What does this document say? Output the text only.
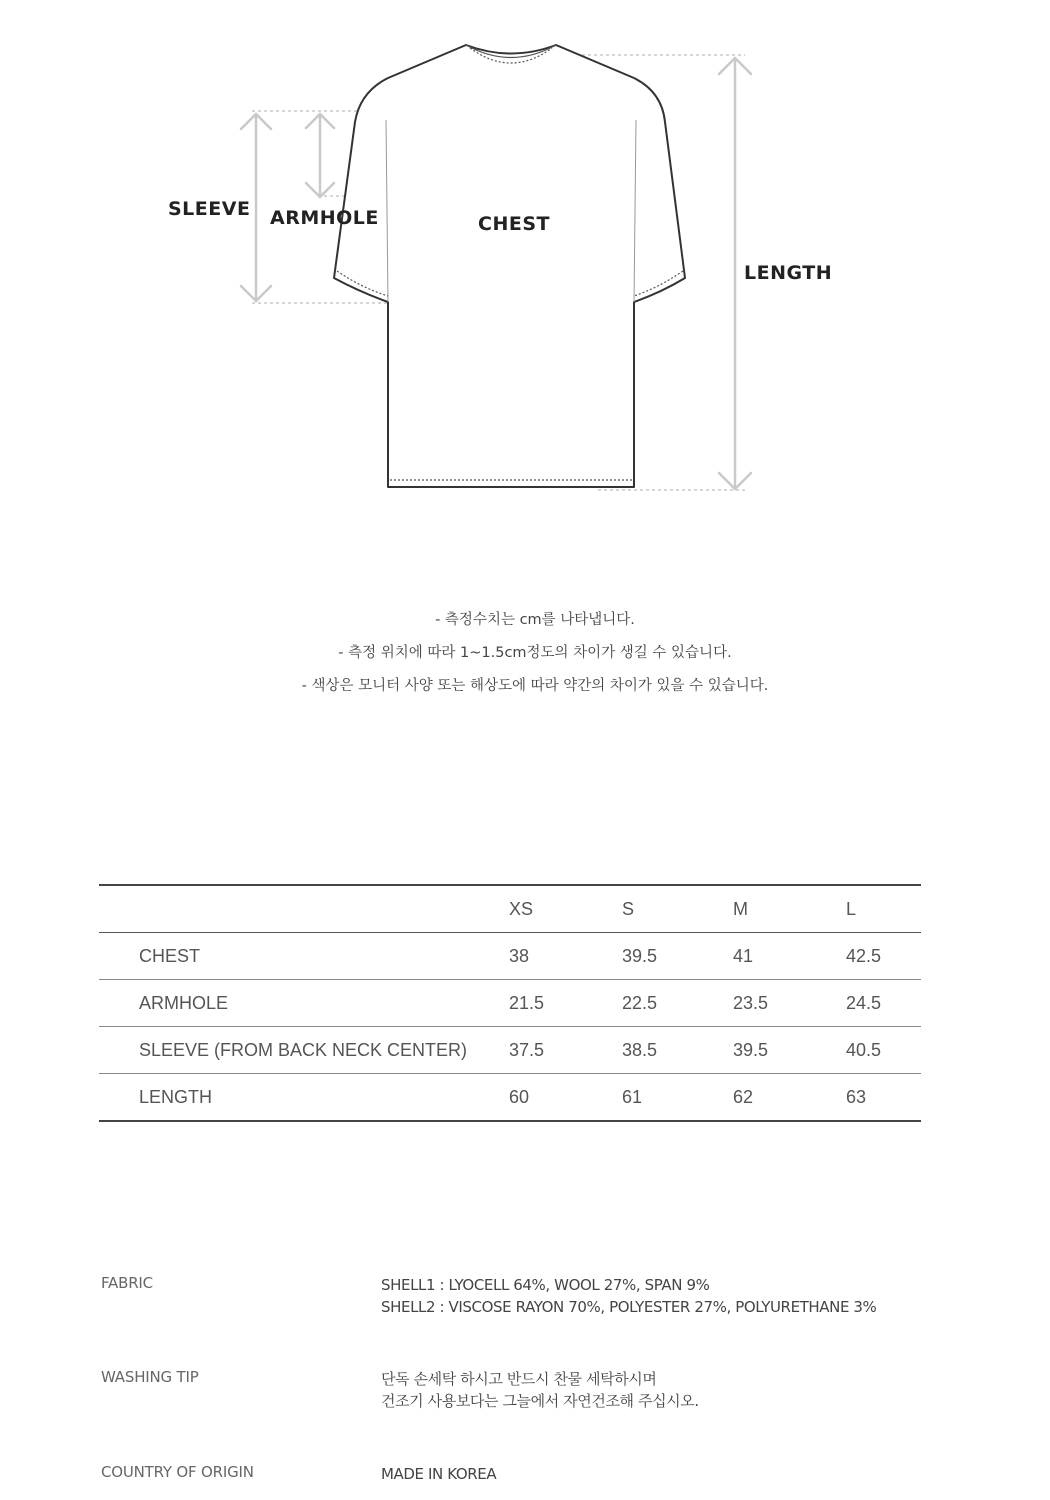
SLEEVE ARMHOLE	CHEST
LENGTH
- 측정수치는 cm를 나타냅니다.
- 측정 위치에 따라 1~1.5cm정도의 차이가 생길 수 있습니다.
- 색상은 모니터 사양 또는 해상도에 따라 약간의 차이가 있을 수 있습니다.
	XS	S	M	L
CHEST	38	39.5	41	42.5
ARMHOLE	21.5	22.5	23.5	24.5
SLEEVE (FROM BACK NECK CENTER)	37.5	38.5	39.5	40.5
LENGTH	60	61	62	63
FABRIC	SHELL1 : LYOCELL 64%, WOOL 27%, SPAN 9%
SHELL2 : VISCOSE RAYON 70%, POLYESTER 27%, POLYURETHANE 3%
WASHING TIP	단독 손세탁 하시고 반드시 찬물 세탁하시며
건조기 사용보다는 그늘에서 자연건조해 주십시오.
COUNTRY OF ORIGIN	MADE IN KOREA
